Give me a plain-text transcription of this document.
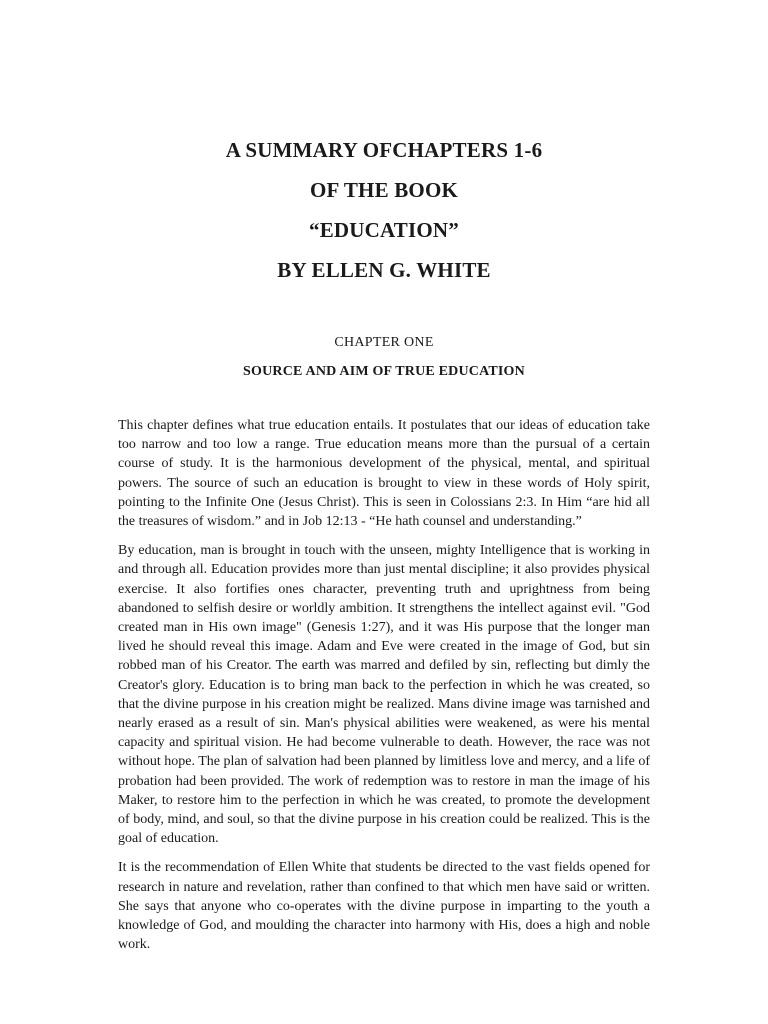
A SUMMARY OFCHAPTERS 1-6
OF THE BOOK
“EDUCATION”
BY ELLEN G. WHITE
CHAPTER ONE
SOURCE AND AIM OF TRUE EDUCATION

This chapter defines what true education entails. It postulates that our ideas of education take too narrow and too low a range. True education means more than the pursual of a certain course of study. It is the harmonious development of the physical, mental, and spiritual powers. The source of such an education is brought to view in these words of Holy spirit, pointing to the Infinite One (Jesus Christ). This is seen in Colossians 2:3. In Him “are hid all the treasures of wisdom.” and in Job 12:13 - “He hath counsel and understanding.”

By education, man is brought in touch with the unseen, mighty Intelligence that is working in and through all. Education provides more than just mental discipline; it also provides physical exercise. It also fortifies ones character, preventing truth and uprightness from being abandoned to selfish desire or worldly ambition. It strengthens the intellect against evil. "God created man in His own image" (Genesis 1:27), and it was His purpose that the longer man lived he should reveal this image. Adam and Eve were created in the image of God, but sin robbed man of his Creator. The earth was marred and defiled by sin, reflecting but dimly the Creator's glory. Education is to bring man back to the perfection in which he was created, so that the divine purpose in his creation might be realized. Mans divine image was tarnished and nearly erased as a result of sin. Man's physical abilities were weakened, as were his mental capacity and spiritual vision. He had become vulnerable to death. However, the race was not without hope. The plan of salvation had been planned by limitless love and mercy, and a life of probation had been provided. The work of redemption was to restore in man the image of his Maker, to restore him to the perfection in which he was created, to promote the development of body, mind, and soul, so that the divine purpose in his creation could be realized. This is the goal of education.

It is the recommendation of Ellen White that students be directed to the vast fields opened for research in nature and revelation, rather than confined to that which men have said or written. She says that anyone who co-operates with the divine purpose in imparting to the youth a knowledge of God, and moulding the character into harmony with His, does a high and noble work.
